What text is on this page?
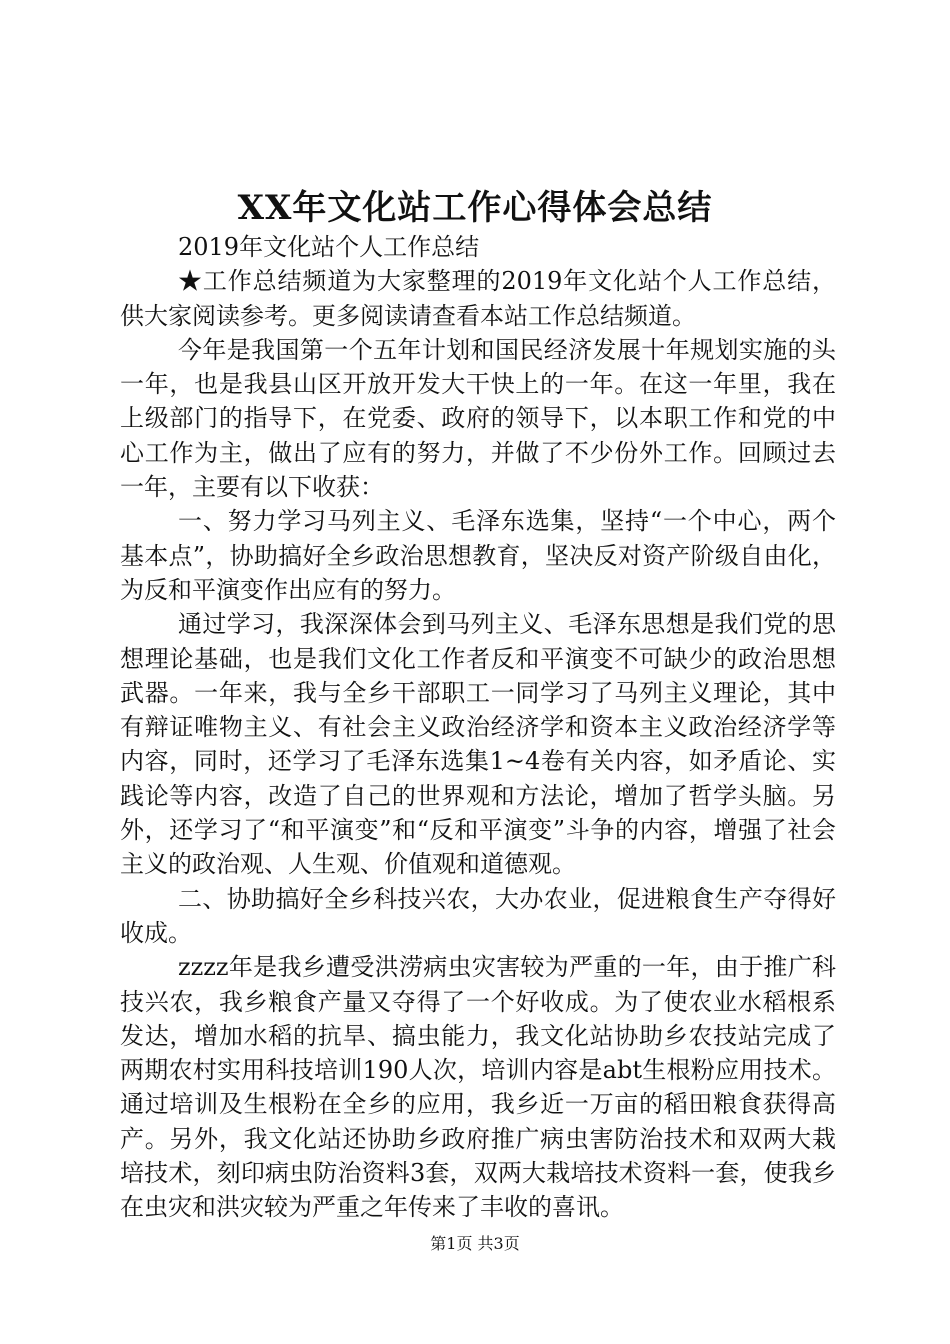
XX年文化站工作心得体会总结

2019年文化站个人工作总结

★工作总结频道为大家整理的2019年文化站个人工作总结，供大家阅读参考。更多阅读请查看本站工作总结频道。

今年是我国第一个五年计划和国民经济发展十年规划实施的头一年，也是我县山区开放开发大干快上的一年。在这一年里，我在上级部门的指导下，在党委、政府的领导下，以本职工作和党的中心工作为主，做出了应有的努力，并做了不少份外工作。回顾过去一年，主要有以下收获：

一、努力学习马列主义、毛泽东选集，坚持“一个中心，两个基本点”，协助搞好全乡政治思想教育，坚决反对资产阶级自由化，为反和平演变作出应有的努力。

通过学习，我深深体会到马列主义、毛泽东思想是我们党的思想理论基础，也是我们文化工作者反和平演变不可缺少的政治思想武器。一年来，我与全乡干部职工一同学习了马列主义理论，其中有辩证唯物主义、有社会主义政治经济学和资本主义政治经济学等内容，同时，还学习了毛泽东选集1~4卷有关内容，如矛盾论、实践论等内容，改造了自己的世界观和方法论，增加了哲学头脑。另外，还学习了“和平演变”和“反和平演变”斗争的内容，增强了社会主义的政治观、人生观、价值观和道德观。

二、协助搞好全乡科技兴农，大办农业，促进粮食生产夺得好收成。

zzzz年是我乡遭受洪涝病虫灾害较为严重的一年，由于推广科技兴农，我乡粮食产量又夺得了一个好收成。为了使农业水稻根系发达，增加水稻的抗旱、搞虫能力，我文化站协助乡农技站完成了两期农村实用科技培训190人次，培训内容是abt生根粉应用技术。通过培训及生根粉在全乡的应用，我乡近一万亩的稻田粮食获得高产。另外，我文化站还协助乡政府推广病虫害防治技术和双两大栽培技术，刻印病虫防治资料3套，双两大栽培技术资料一套，使我乡在虫灾和洪灾较为严重之年传来了丰收的喜讯。

第1页 共3页
